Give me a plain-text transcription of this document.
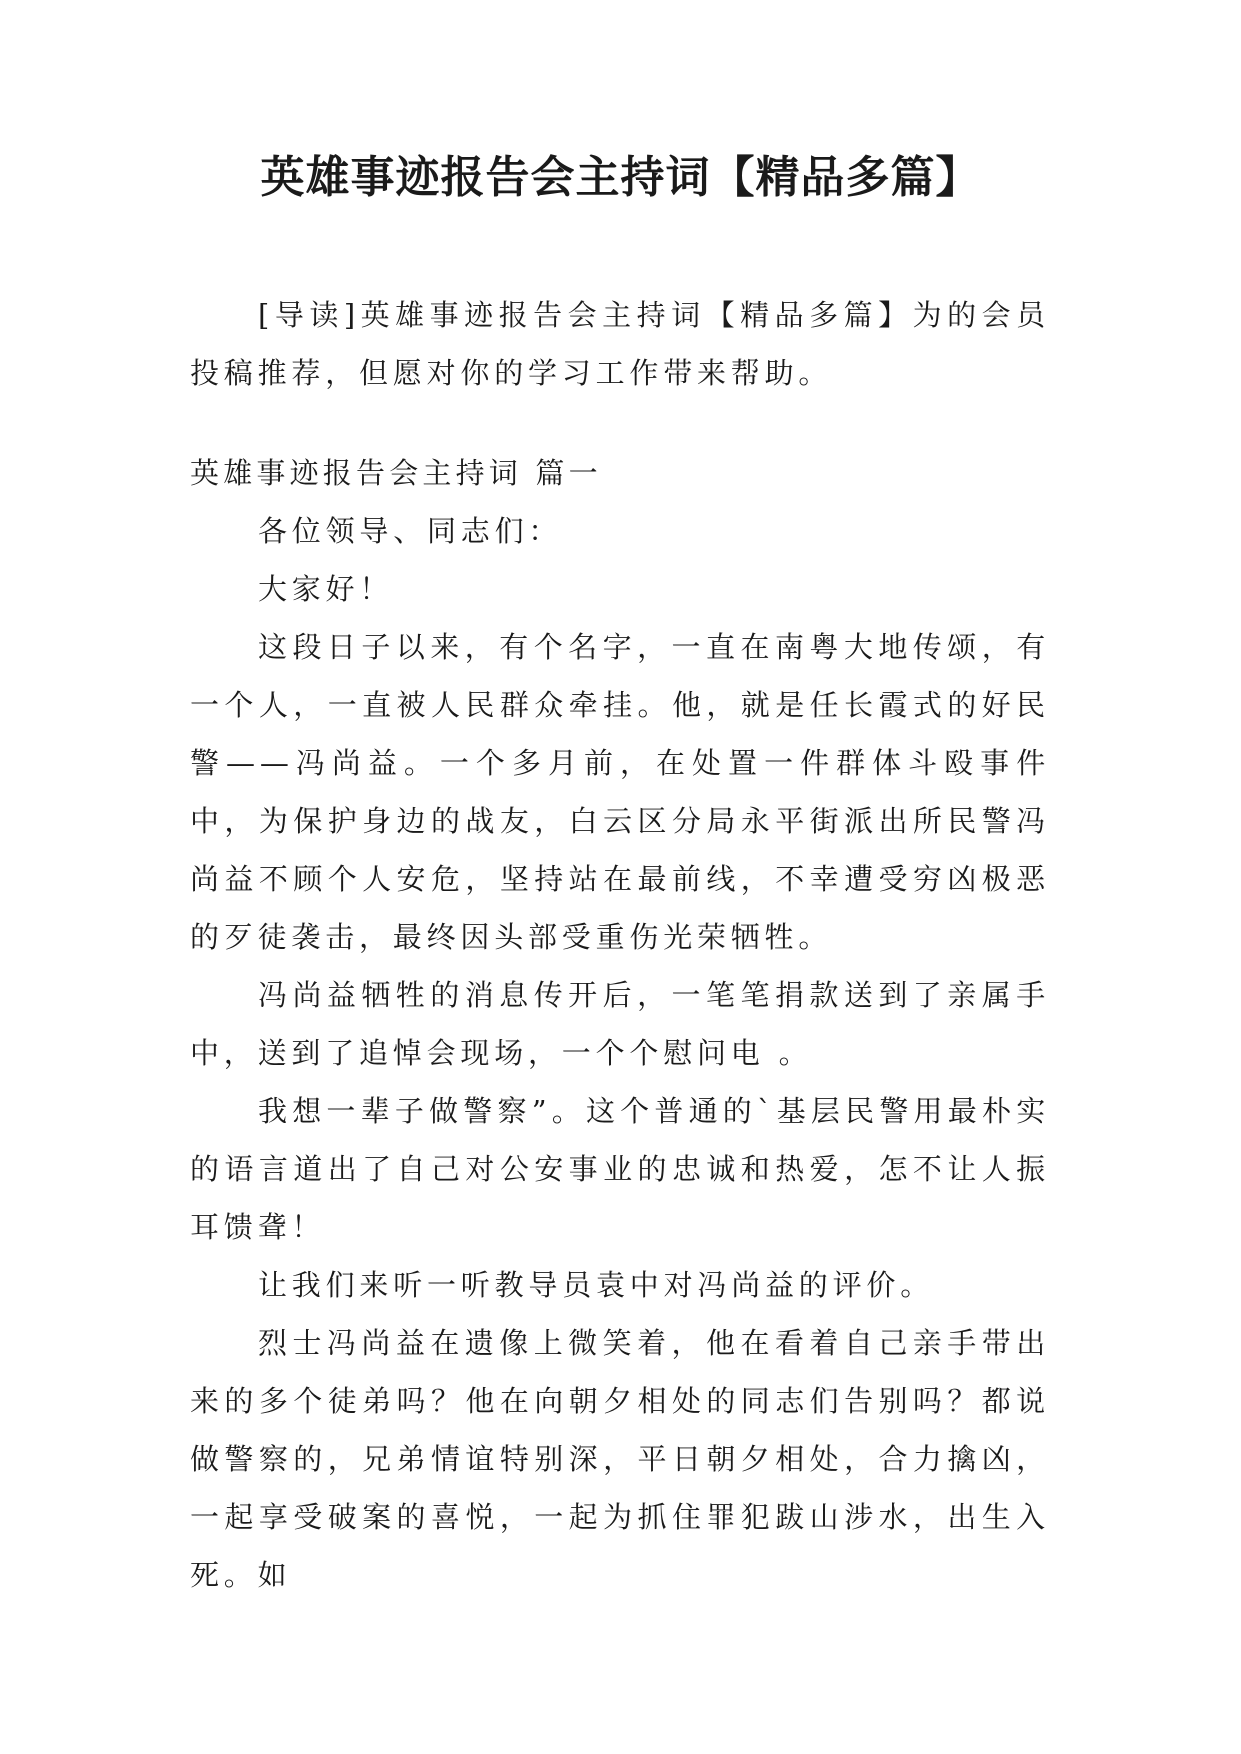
英雄事迹报告会主持词【精品多篇】

[导读]英雄事迹报告会主持词【精品多篇】为的会员投稿推荐，但愿对你的学习工作带来帮助。

英雄事迹报告会主持词 篇一

各位领导、同志们：

大家好！

这段日子以来，有个名字，一直在南粤大地传颂，有一个人，一直被人民群众牵挂。他，就是任长霞式的好民警——冯尚益。一个多月前，在处置一件群体斗殴事件中，为保护身边的战友，白云区分局永平街派出所民警冯尚益不顾个人安危，坚持站在最前线，不幸遭受穷凶极恶的歹徒袭击，最终因头部受重伤光荣牺牲。

冯尚益牺牲的消息传开后，一笔笔捐款送到了亲属手中，送到了追悼会现场，一个个慰问电 。

我想一辈子做警察”。这个普通的`基层民警用最朴实的语言道出了自己对公安事业的忠诚和热爱，怎不让人振耳馈聋！

让我们来听一听教导员袁中对冯尚益的评价。

烈士冯尚益在遗像上微笑着，他在看着自己亲手带出来的多个徒弟吗？他在向朝夕相处的同志们告别吗？都说做警察的，兄弟情谊特别深，平日朝夕相处，合力擒凶，一起享受破案的喜悦，一起为抓住罪犯跋山涉水，出生入死。如
